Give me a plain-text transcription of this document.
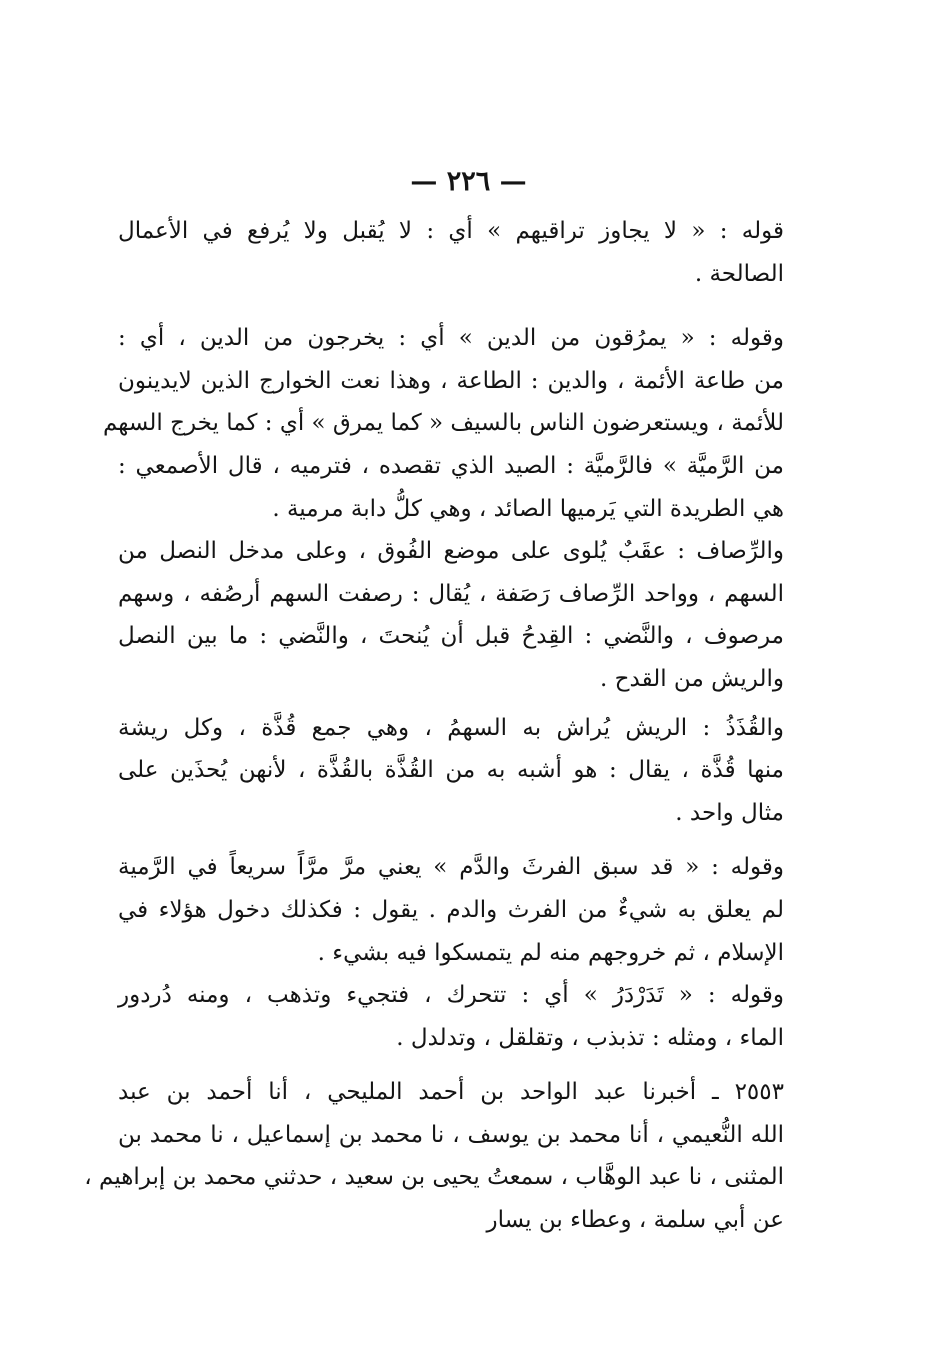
— ٢٢٦ —
قوله : « لا يجاوز تراقيهم » أي : لا يُقبل ولا يُرفع في الأعمال
الصالحة .
وقوله : « يمرُقون من الدين » أي : يخرجون من الدين ، أي :
من طاعة الأئمة ، والدين : الطاعة ، وهذا نعت الخوارج الذين لايدينون
للأئمة ، ويستعرضون الناس بالسيف « كما يمرق » أي : كما يخرج السهم
من الرَّميَّة » فالرَّميَّة : الصيد الذي تقصده ، فترميه ، قال الأصمعي :
هي الطريدة التي يَرميها الصائد ، وهي كلُّ دابة مرمية .
والرِّصاف : عقَبٌ يُلوى على موضع الفُوق ، وعلى مدخل النصل من
السهم ، وواحد الرِّصاف رَصَفة ، يُقال : رصفت السهم أرصُفه ، وسهم
مرصوف ، والنَّضي : القِدحُ قبل أن يُنحتَ ، والنَّضي : ما بين النصل
والريش من القدح .
والقُذَذُ : الريش يُراش به السهمُ ، وهي جمع قُذَّة ، وكل ريشة
منها قُذَّة ، يقال : هو أشبه به من القُذَّة بالقُذَّة ، لأنهن يُحذَين على
مثال واحد .
وقوله : « قد سبق الفرثَ والدَّم » يعني مرَّ مرَّاً سريعاً في الرَّمية
لم يعلق به شيءٌ من الفرث والدم . يقول : فكذلك دخول هؤلاء في
الإسلام ، ثم خروجهم منه لم يتمسكوا فيه بشيء .
وقوله : « تَدَرْدَرُ » أي : تتحرك ، فتجيء وتذهب ، ومنه دُردور
الماء ، ومثله : تذبذب ، وتقلقل ، وتدلدل .
٢٥٥٣ ـ أخبرنا عبد الواحد بن أحمد المليحي ، أنا أحمد بن عبد
الله النُّعيمي ، أنا محمد بن يوسف ، نا محمد بن إسماعيل ، نا محمد بن
المثنى ، نا عبد الوهَّاب ، سمعتُ يحيى بن سعيد ، حدثني محمد بن إبراهيم ،
عن أبي سلمة ، وعطاء بن يسار
